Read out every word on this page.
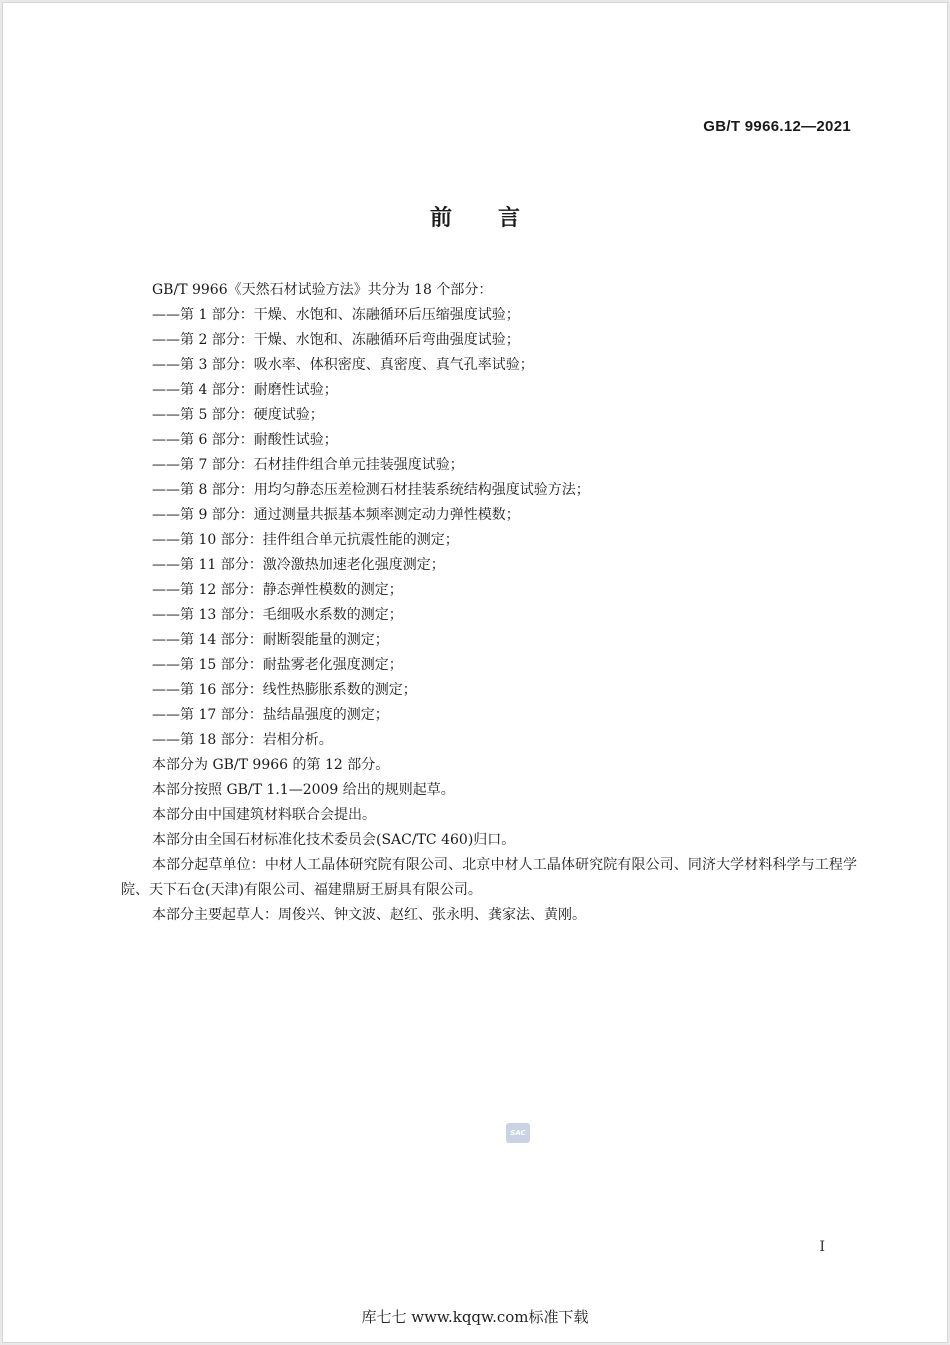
GB/T 9966.12—2021
前言
GB/T 9966《天然石材试验方法》共分为 18 个部分：
——第 1 部分：干燥、水饱和、冻融循环后压缩强度试验；
——第 2 部分：干燥、水饱和、冻融循环后弯曲强度试验；
——第 3 部分：吸水率、体积密度、真密度、真气孔率试验；
——第 4 部分：耐磨性试验；
——第 5 部分：硬度试验；
——第 6 部分：耐酸性试验；
——第 7 部分：石材挂件组合单元挂装强度试验；
——第 8 部分：用均匀静态压差检测石材挂装系统结构强度试验方法；
——第 9 部分：通过测量共振基本频率测定动力弹性模数；
——第 10 部分：挂件组合单元抗震性能的测定；
——第 11 部分：激冷激热加速老化强度测定；
——第 12 部分：静态弹性模数的测定；
——第 13 部分：毛细吸水系数的测定；
——第 14 部分：耐断裂能量的测定；
——第 15 部分：耐盐雾老化强度测定；
——第 16 部分：线性热膨胀系数的测定；
——第 17 部分：盐结晶强度的测定；
——第 18 部分：岩相分析。
本部分为 GB/T 9966 的第 12 部分。
本部分按照 GB/T 1.1—2009 给出的规则起草。
本部分由中国建筑材料联合会提出。
本部分由全国石材标准化技术委员会(SAC/TC 460)归口。
本部分起草单位：中材人工晶体研究院有限公司、北京中材人工晶体研究院有限公司、同济大学材料科学与工程学院、天下石仓(天津)有限公司、福建鼎厨王厨具有限公司。
本部分主要起草人：周俊兴、钟文波、赵红、张永明、龚家法、黄刚。
SAC
I
库七七 www.kqqw.com标准下载
